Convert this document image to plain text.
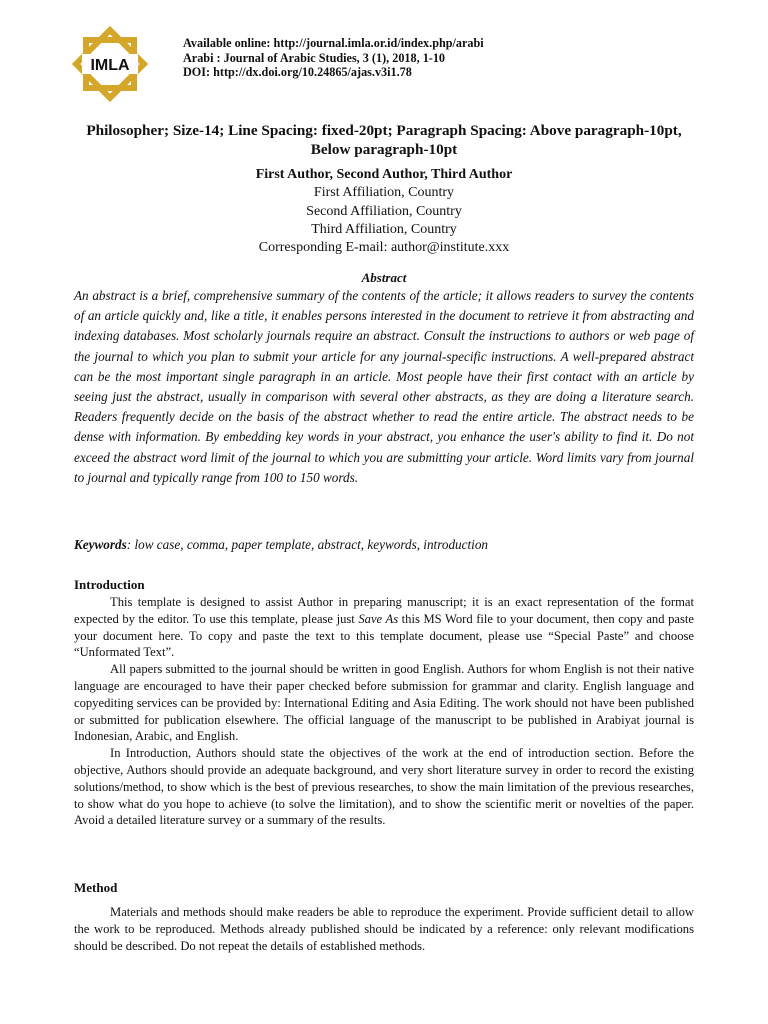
IMLA
Available online: http://journal.imla.or.id/index.php/arabi
Arabi : Journal of Arabic Studies, 3 (1), 2018, 1-10
DOI: http://dx.doi.org/10.24865/ajas.v3i1.78
Philosopher; Size-14; Line Spacing: fixed-20pt; Paragraph Spacing: Above paragraph-10pt, Below paragraph-10pt
First Author, Second Author, Third Author
First Affiliation, Country
Second Affiliation, Country
Third Affiliation, Country
Corresponding E-mail: author@institute.xxx
Abstract

An abstract is a brief, comprehensive summary of the contents of the article; it allows readers to survey the contents of an article quickly and, like a title, it enables persons interested in the document to retrieve it from abstracting and indexing databases. Most scholarly journals require an abstract. Consult the instructions to authors or web page of the journal to which you plan to submit your article for any journal-specific instructions. A well-prepared abstract can be the most important single paragraph in an article. Most people have their first contact with an article by seeing just the abstract, usually in comparison with several other abstracts, as they are doing a literature search. Readers frequently decide on the basis of the abstract whether to read the entire article. The abstract needs to be dense with information. By embedding key words in your abstract, you enhance the user's ability to find it. Do not exceed the abstract word limit of the journal to which you are submitting your article. Word limits vary from journal to journal and typically range from 100 to 150 words.

Keywords: low case, comma, paper template, abstract, keywords, introduction
Introduction

This template is designed to assist Author in preparing manuscript; it is an exact representation of the format expected by the editor. To use this template, please just Save As this MS Word file to your document, then copy and paste your document here. To copy and paste the text to this template document, please use “Special Paste” and choose “Unformated Text”.

All papers submitted to the journal should be written in good English. Authors for whom English is not their native language are encouraged to have their paper checked before submission for grammar and clarity. English language and copyediting services can be provided by: International Editing and Asia Editing. The work should not have been published or submitted for publication elsewhere. The official language of the manuscript to be published in Arabiyat journal is Indonesian, Arabic, and English.

In Introduction, Authors should state the objectives of the work at the end of introduction section. Before the objective, Authors should provide an adequate background, and very short literature survey in order to record the existing solutions/method, to show which is the best of previous researches, to show the main limitation of the previous researches, to show what do you hope to achieve (to solve the limitation), and to show the scientific merit or novelties of the paper. Avoid a detailed literature survey or a summary of the results.

Method

Materials and methods should make readers be able to reproduce the experiment. Provide sufficient detail to allow the work to be reproduced. Methods already published should be indicated by a reference: only relevant modifications should be described. Do not repeat the details of established methods.
